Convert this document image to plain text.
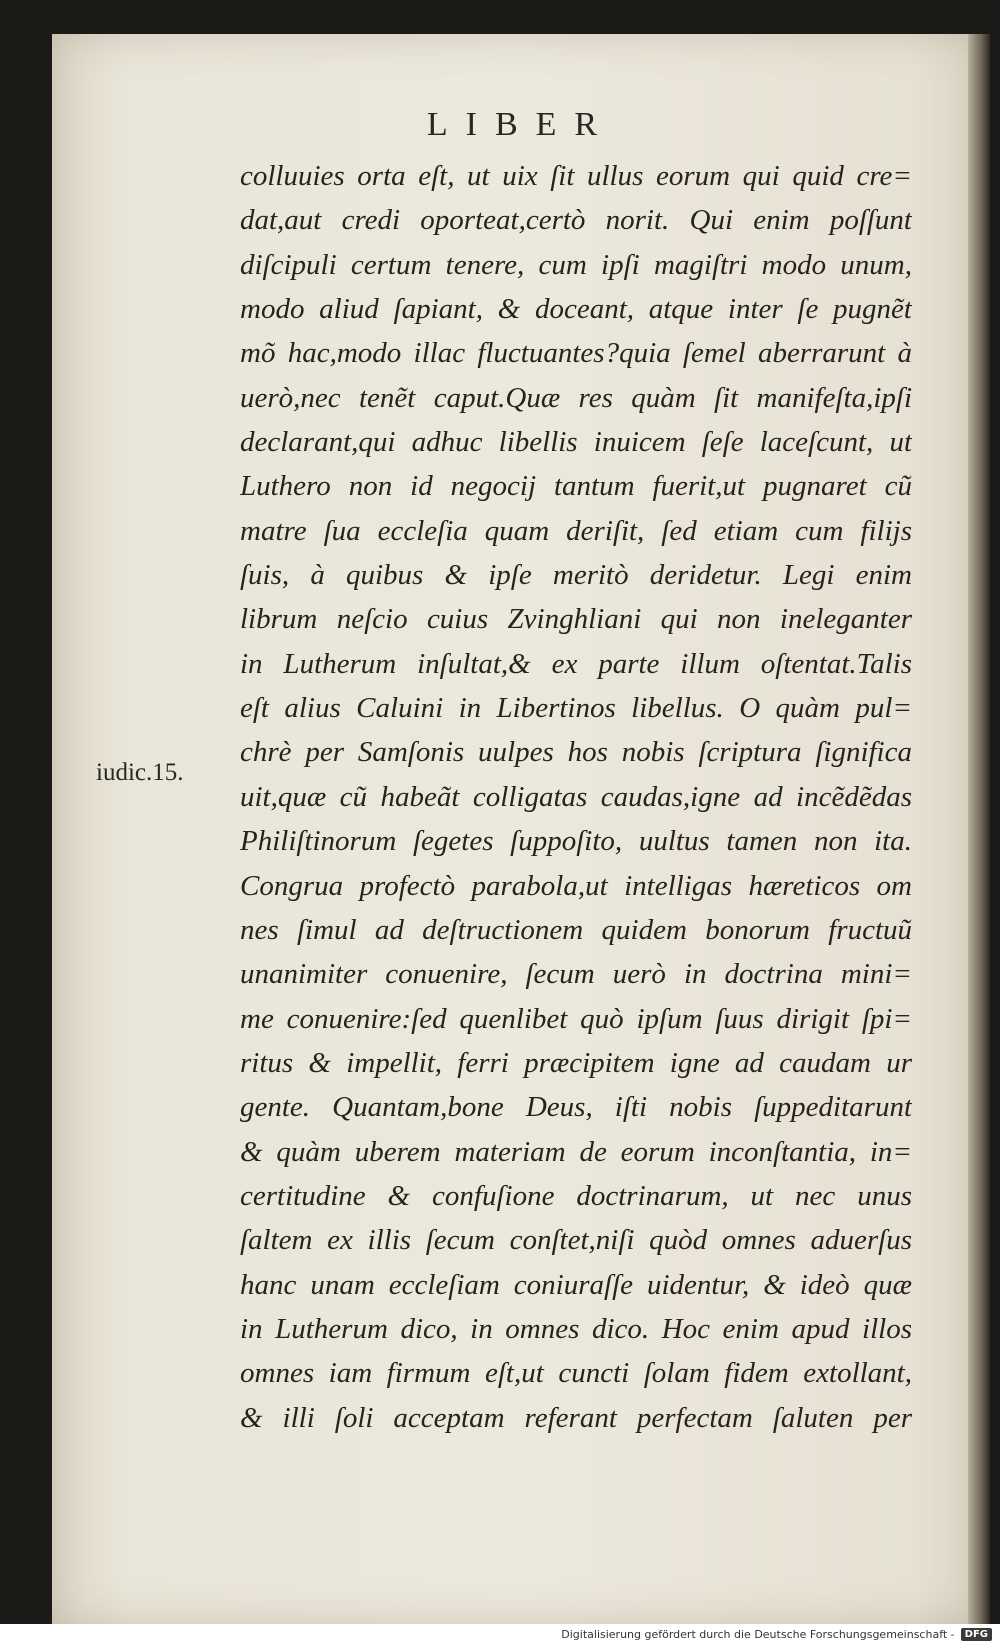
LIBER
iudic.15.
colluuies orta eſt, ut uix ſit ullus eorum qui quid cre=
dat,aut credi oporteat,certò norit. Qui enim poſſunt
diſcipuli certum tenere, cum ipſi magiſtri modo unum,
modo aliud ſapiant, & doceant, atque inter ſe pugnẽt
mõ hac,modo illac fluctuantes?quia ſemel aberrarunt à
uerò,nec tenẽt caput.Quæ res quàm ſit manifeſta,ipſi
declarant,qui adhuc libellis inuicem ſeſe laceſcunt, ut
Luthero non id negocij tantum fuerit,ut pugnaret cũ
matre ſua eccleſia quam deriſit, ſed etiam cum filijs
ſuis, à quibus & ipſe meritò deridetur. Legi enim
librum neſcio cuius Zvinghliani qui non ineleganter
in Lutherum inſultat,& ex parte illum oſtentat.Talis
eſt alius Caluini in Libertinos libellus. O quàm pul=
chrè per Samſonis uulpes hos nobis ſcriptura ſignifica
uit,quæ cũ habeãt colligatas caudas,igne ad incẽdẽdas
Philiſtinorum ſegetes ſuppoſito, uultus tamen non ita.
Congrua profectò parabola,ut intelligas hæreticos om
nes ſimul ad deſtructionem quidem bonorum fructuũ
unanimiter conuenire, ſecum uerò in doctrina mini=
me conuenire:ſed quenlibet quò ipſum ſuus dirigit ſpi=
ritus & impellit, ferri præcipitem igne ad caudam ur
gente. Quantam,bone Deus, iſti nobis ſuppeditarunt
& quàm uberem materiam de eorum inconſtantia, in=
certitudine & confuſione doctrinarum, ut nec unus
ſaltem ex illis ſecum conſtet,niſi quòd omnes aduerſus
hanc unam eccleſiam coniuraſſe uidentur, & ideò quæ
in Lutherum dico, in omnes dico. Hoc enim apud illos
omnes iam firmum eſt,ut cuncti ſolam fidem extollant,
& illi ſoli acceptam referant perfectam ſaluten per
Digitalisierung gefördert durch die Deutsche Forschungsgemeinschaft -	DFG
